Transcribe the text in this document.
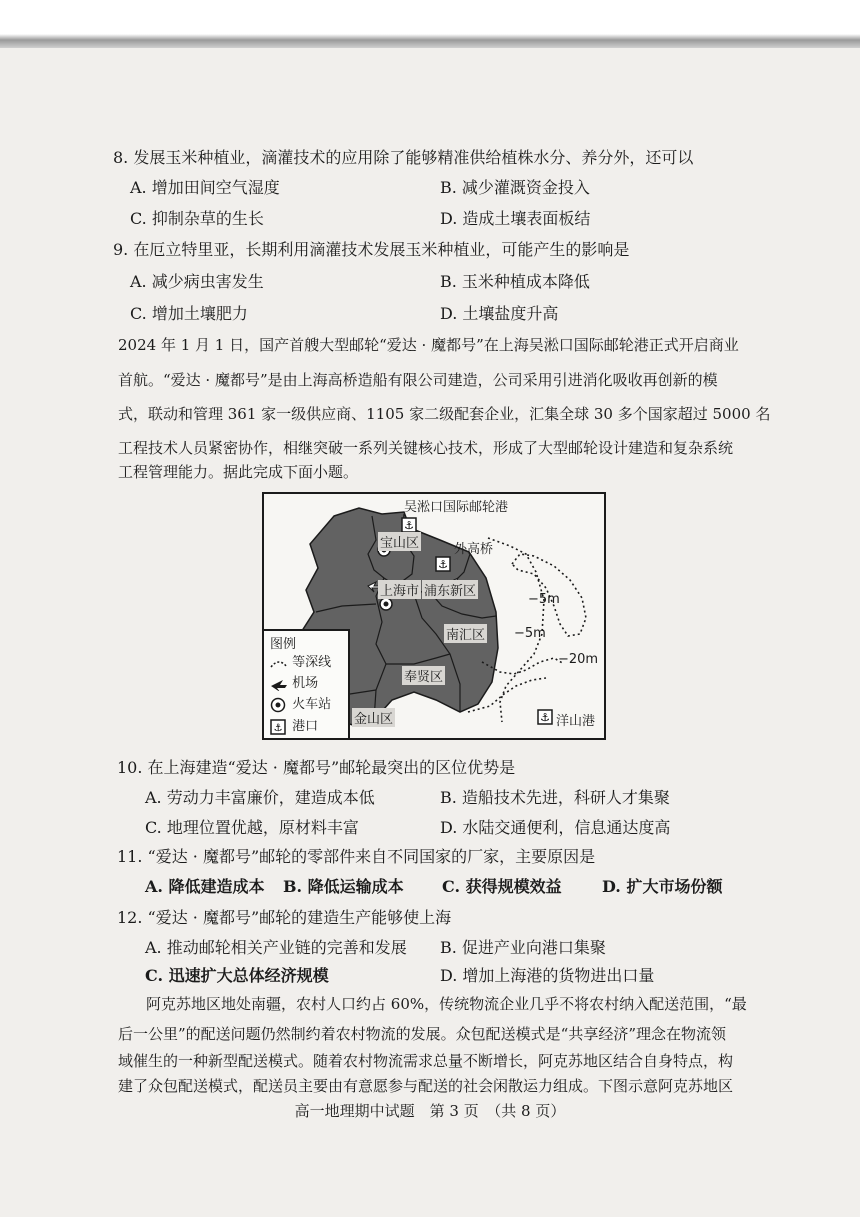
8. 发展玉米种植业，滴灌技术的应用除了能够精准供给植株水分、养分外，还可以
A. 增加田间空气湿度	B. 减少灌溉资金投入
C. 抑制杂草的生长	D. 造成土壤表面板结
9. 在厄立特里亚，长期利用滴灌技术发展玉米种植业，可能产生的影响是
A. 减少病虫害发生	B. 玉米种植成本降低
C. 增加土壤肥力	D. 土壤盐度升高
2024 年 1 月 1 日，国产首艘大型邮轮“爱达 · 魔都号”在上海吴淞口国际邮轮港正式开启商业
首航。“爱达 · 魔都号”是由上海高桥造船有限公司建造，公司采用引进消化吸收再创新的模
式，联动和管理 361 家一级供应商、1105 家二级配套企业，汇集全球 30 多个国家超过 5000 名
工程技术人员紧密协作，相继突破一系列关键核心技术，形成了大型邮轮设计建造和复杂系统
工程管理能力。据此完成下面小题。
⚓
⚓
⚓
吴淞口国际邮轮港
宝山区	外高桥
上海市 浦东新区
南汇区
奉贤区
金山区	洋山港
−5m
−5m
−20m
图例
等深线
机场
火车站
⚓ 港口
10. 在上海建造“爱达 · 魔都号”邮轮最突出的区位优势是
A. 劳动力丰富廉价，建造成本低	B. 造船技术先进，科研人才集聚
C. 地理位置优越，原材料丰富	D. 水陆交通便利，信息通达度高
11. “爱达 · 魔都号”邮轮的零部件来自不同国家的厂家，主要原因是
A. 降低建造成本 B. 降低运输成本 C. 获得规模效益	D. 扩大市场份额
12. “爱达 · 魔都号”邮轮的建造生产能够使上海
A. 推动邮轮相关产业链的完善和发展 B. 促进产业向港口集聚
C. 迅速扩大总体经济规模	D. 增加上海港的货物进出口量
阿克苏地区地处南疆，农村人口约占 60%，传统物流企业几乎不将农村纳入配送范围，“最
后一公里”的配送问题仍然制约着农村物流的发展。众包配送模式是“共享经济”理念在物流领
域催生的一种新型配送模式。随着农村物流需求总量不断增长，阿克苏地区结合自身特点，构
建了众包配送模式，配送员主要由有意愿参与配送的社会闲散运力组成。下图示意阿克苏地区
高一地理期中试题　第 3 页　（共 8 页）
